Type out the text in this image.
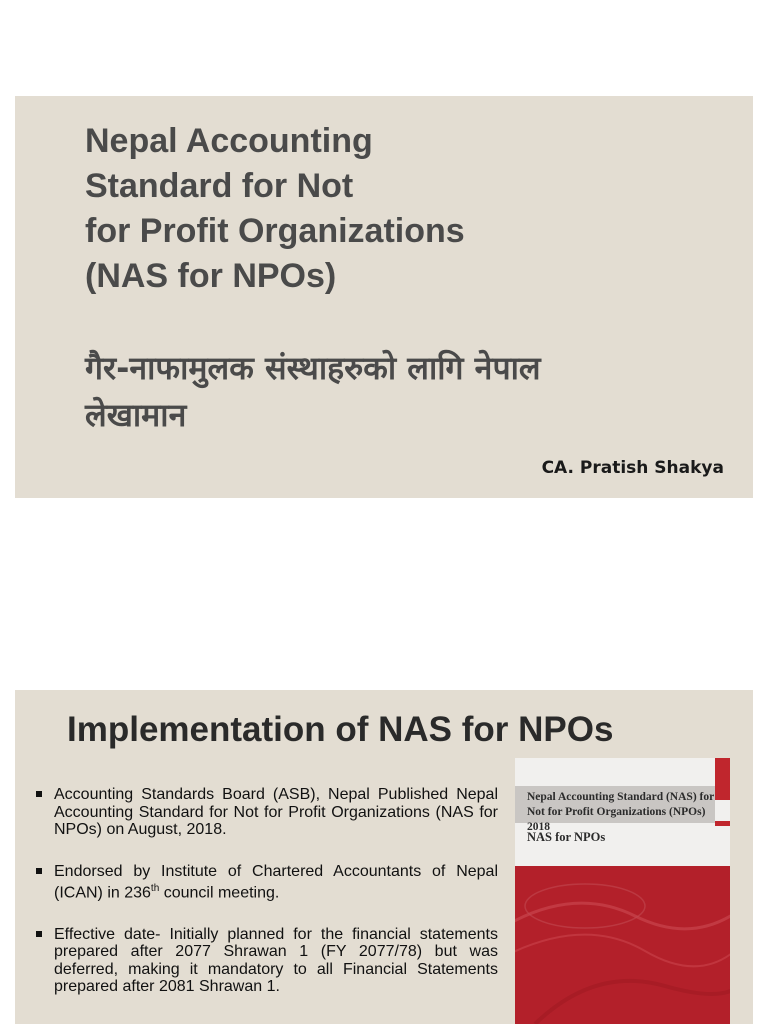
Nepal Accounting
Standard for Not
for Profit Organizations
(NAS for NPOs)
गैर-नाफामुलक संस्थाहरुको लागि नेपाल
लेखामान
CA. Pratish Shakya
Implementation of NAS for NPOs
Accounting Standards Board (ASB), Nepal Published Nepal Accounting Standard for Not for Profit Organizations (NAS for NPOs) on August, 2018.
Endorsed by Institute of Chartered Accountants of Nepal (ICAN) in 236th council meeting.
Effective date- Initially planned for the financial statements prepared after 2077 Shrawan 1 (FY 2077/78) but was deferred, making it mandatory to all Financial Statements prepared after 2081 Shrawan 1.
Nepal Accounting Standard (NAS) for
Not for Profit Organizations (NPOs) 2018
NAS for NPOs
